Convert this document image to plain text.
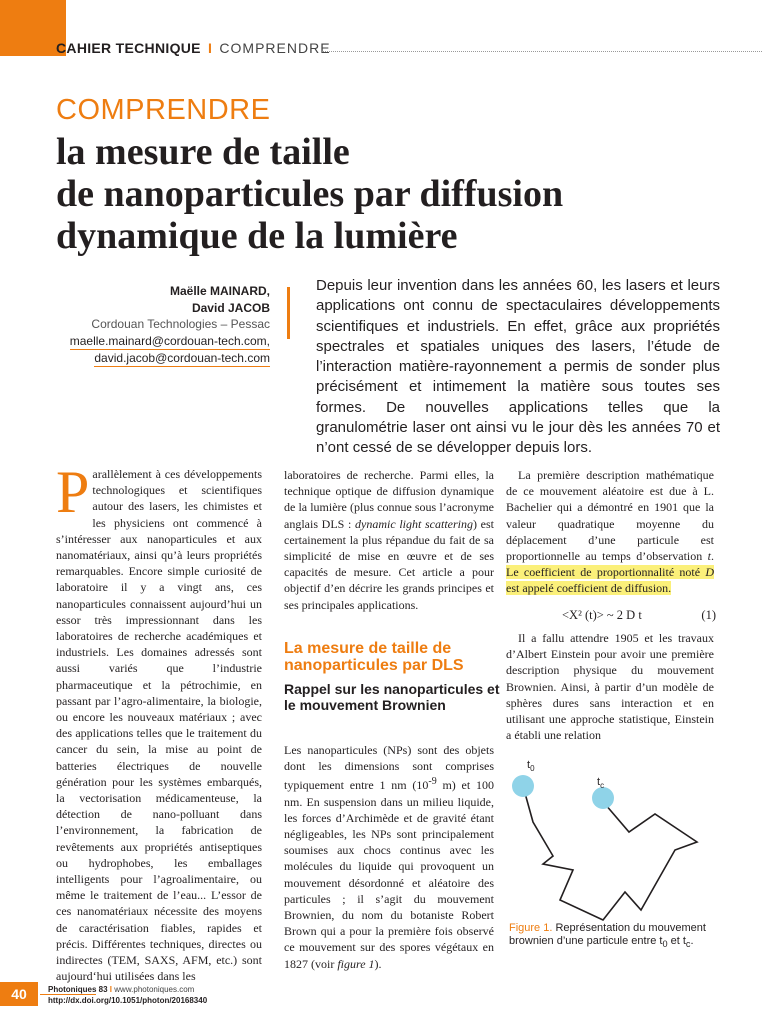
CAHIER TECHNIQUE I COMPRENDRE
COMPRENDRE
la mesure de taille
de nanoparticules par diffusion
dynamique de la lumière
Maëlle MAINARD,
David JACOB
Cordouan Technologies – Pessac
maelle.mainard@cordouan-tech.com,
david.jacob@cordouan-tech.com

Depuis leur invention dans les années 60, les lasers et leurs applications ont connu de spectaculaires développements scientifiques et industriels. En effet, grâce aux propriétés spectrales et spatiales uniques des lasers, l’étude de l’interaction matière-rayonnement a permis de sonder plus précisément et intimement la matière sous toutes ses formes. De nouvelles applications telles que la granulométrie laser ont ainsi vu le jour dès les années 70 et n’ont cessé de se développer depuis lors.

Parallèlement à ces développements technologiques et scientifiques autour des lasers, les chimistes et les physiciens ont commencé à s’intéresser aux nanoparticules et aux nanomatériaux, ainsi qu’à leurs propriétés remarquables. Encore simple curiosité de laboratoire il y a vingt ans, ces nanoparticules connaissent aujourd’hui un essor très impressionnant dans les laboratoires de recherche académiques et industriels. Les domaines adressés sont aussi variés que l’industrie pharmaceutique et la pétrochimie, en passant par l’agro-alimentaire, la biologie, ou encore les nouveaux matériaux ; avec des applications telles que le traitement du cancer du sein, la mise au point de batteries électriques de nouvelle génération pour les systèmes embarqués, la vectorisation médicamenteuse, la détection de nano-polluant dans l’environnement, la fabrication de revêtements aux propriétés antiseptiques ou hydrophobes, les emballages intelligents pour l’agroalimentaire, ou même le traitement de l’eau... L’essor de ces nanomatériaux nécessite des moyens de caractérisation fiables, rapides et précis. Différentes techniques, directes ou indirectes (TEM, SAXS, AFM, etc.) sont aujourd‘hui utilisées dans les

laboratoires de recherche. Parmi elles, la technique optique de diffusion dynamique de la lumière (plus connue sous l’acronyme anglais DLS : dynamic light scattering) est certainement la plus répandue du fait de sa simplicité de mise en œuvre et de ses capacités de mesure. Cet article a pour objectif d’en décrire les grands principes et ses principales applications.

La mesure de taille de nanoparticules par DLS
Rappel sur les nanoparticules et le mouvement Brownien

Les nanoparticules (NPs) sont des objets dont les dimensions sont comprises typiquement entre 1 nm ($10^{-9}$ m) et 100 nm. En suspension dans un milieu liquide, les forces d’Archimède et de gravité étant négligeables, les NPs sont principalement soumises aux chocs continus avec les molécules du liquide qui provoquent un mouvement désordonné et aléatoire des particules ; il s’agit du mouvement Brownien, du nom du botaniste Robert Brown qui a pour la première fois observé ce mouvement sur des spores végétaux en 1827 (voir figure 1).

La première description mathématique de ce mouvement aléatoire est due à L. Bachelier qui a démontré en 1901 que la valeur quadratique moyenne du déplacement d’une particule est proportionnelle au temps d’observation t. Le coefficient de proportionnalité noté D est appelé coefficient de diffusion.

<X² (t)> ~ 2 D t	(1)

Il a fallu attendre 1905 et les travaux d’Albert Einstein pour avoir une première description physique du mouvement Brownien. Ainsi, à partir d’un modèle de sphères dures sans interaction et en utilisant une approche statistique, Einstein a établi une relation

$t_0$
$t_c$
Figure 1. Représentation du mouvement brownien d’une particule entre $t_0$ et $t_c$.
40	Photoniques 83 I www.photoniques.com
http://dx.doi.org/10.1051/photon/20168340
